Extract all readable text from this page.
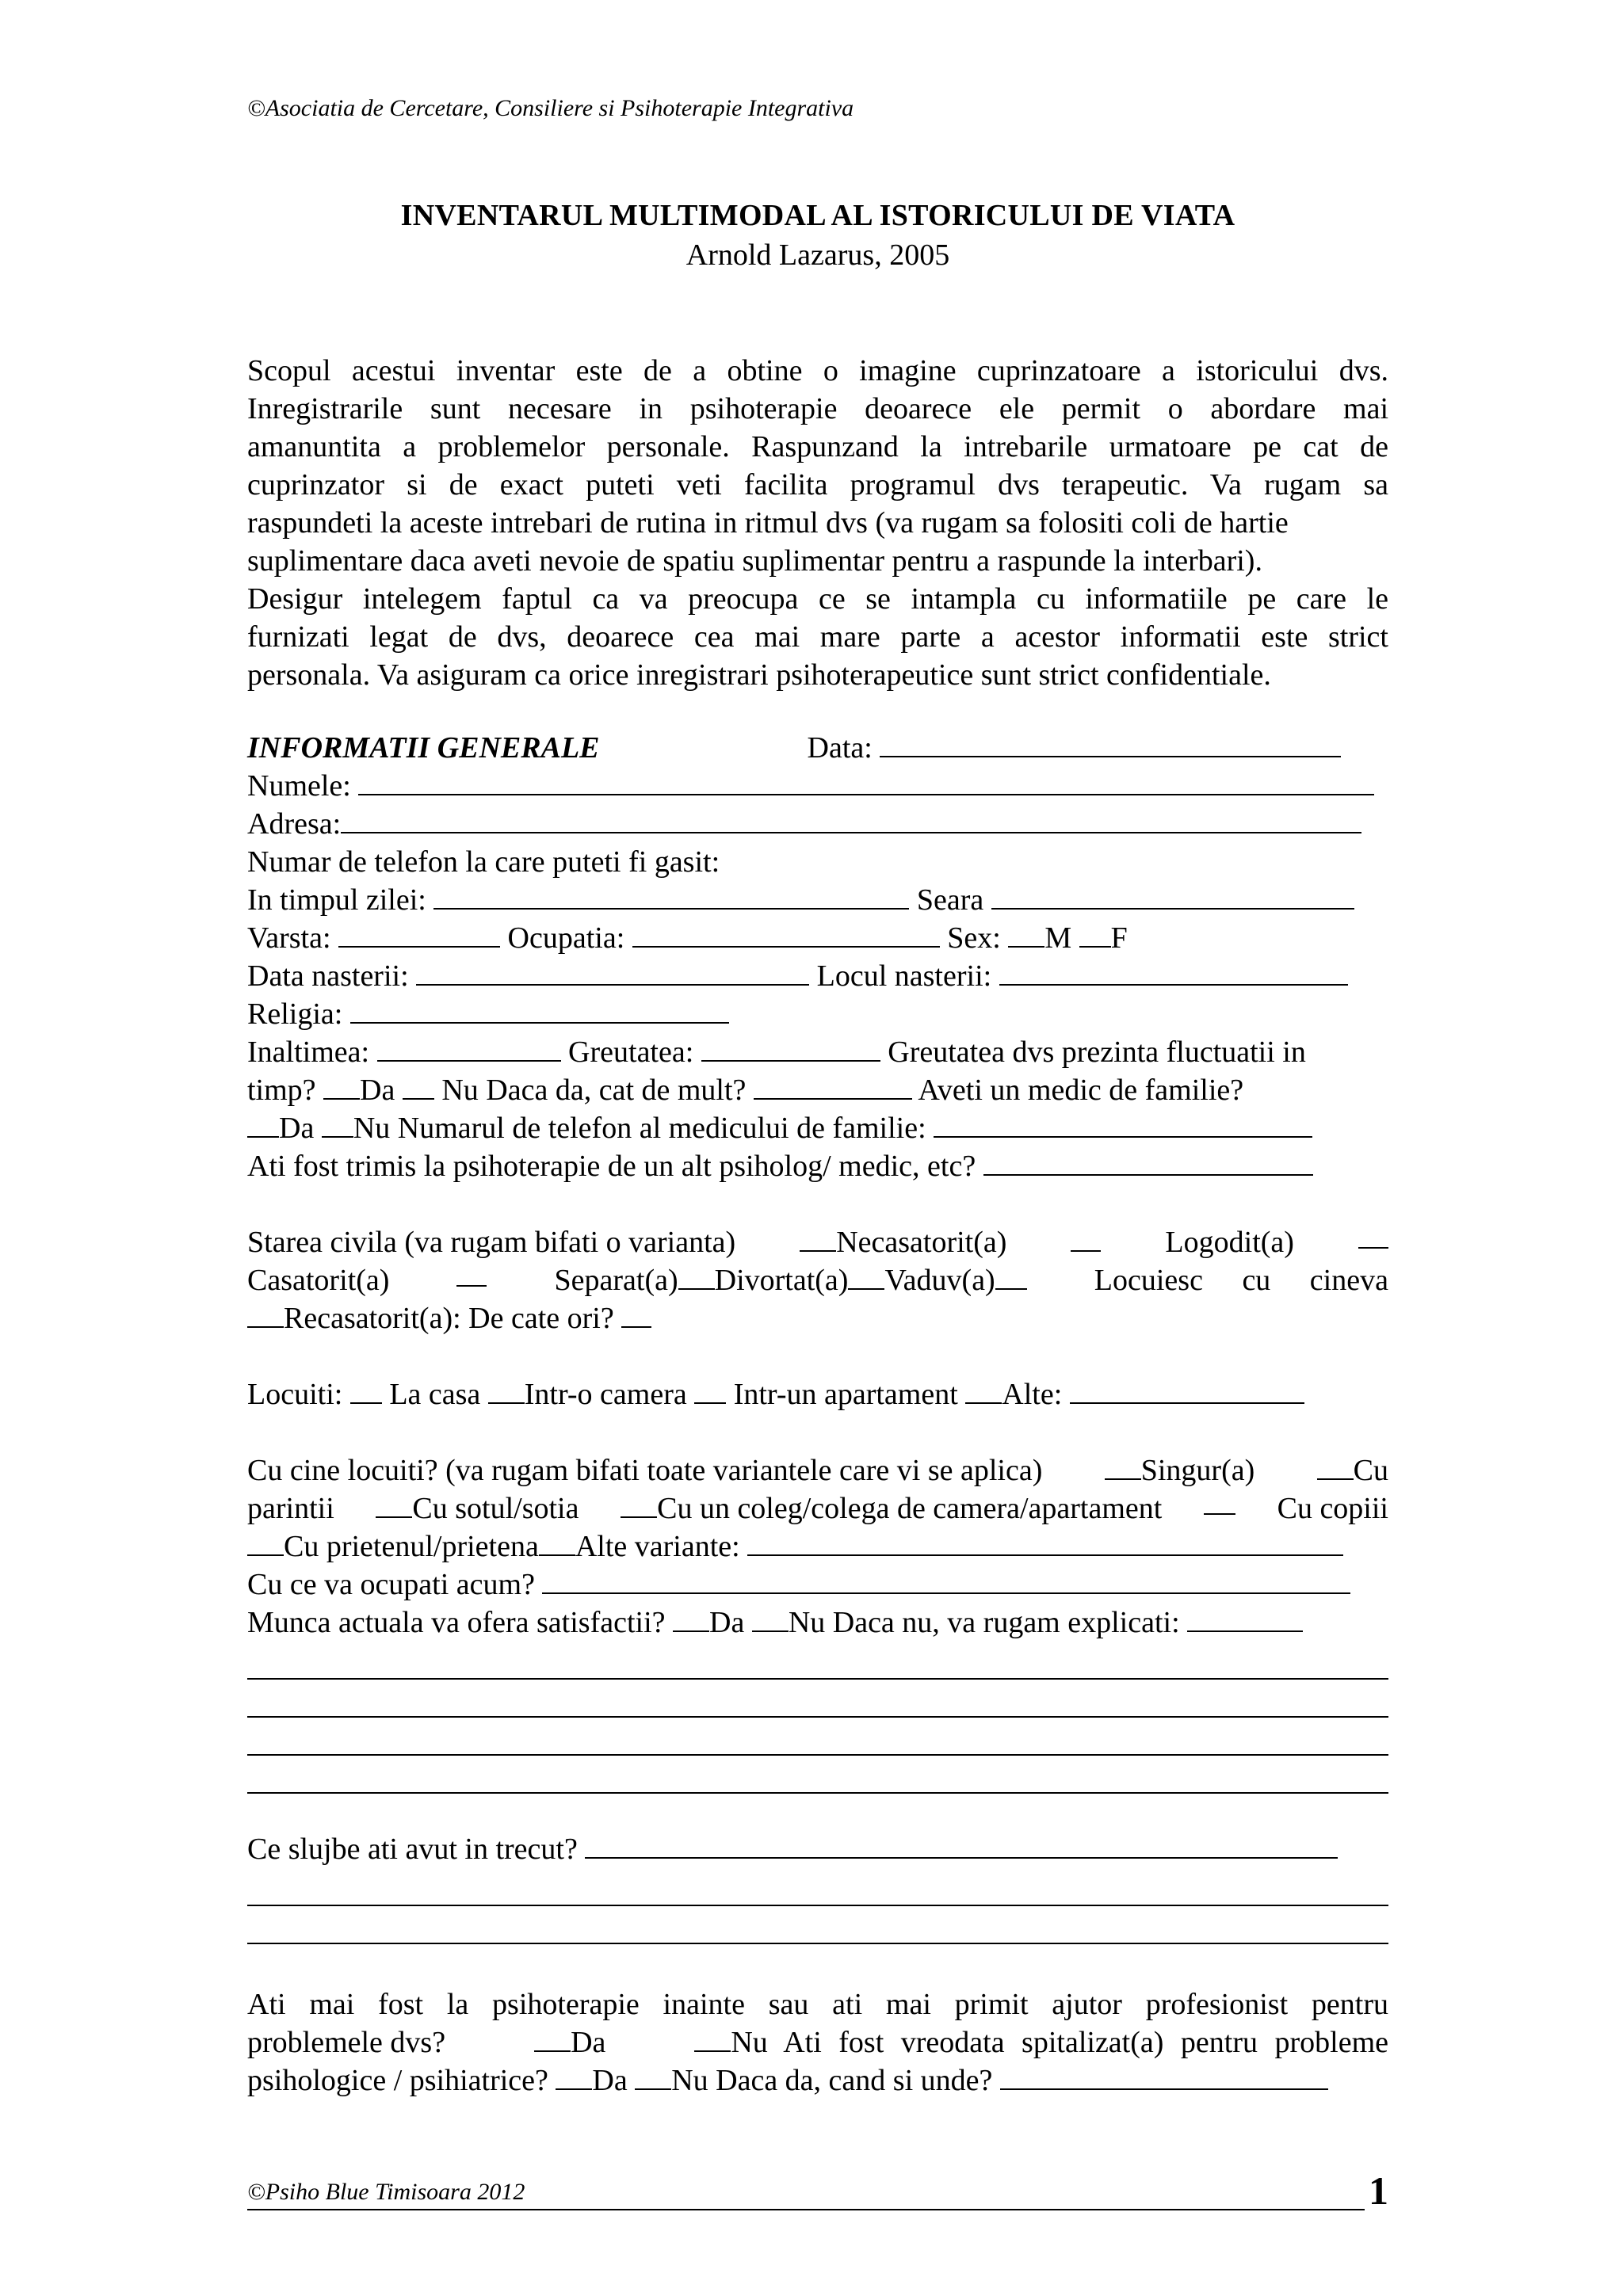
©Asociatia de Cercetare, Consiliere si Psihoterapie Integrativa
INVENTARUL MULTIMODAL AL ISTORICULUI DE VIATA
Arnold Lazarus, 2005
Scopul acestui inventar este de a obtine o imagine cuprinzatoare a istoricului dvs.
Inregistrarile sunt necesare in psihoterapie deoarece ele permit o abordare mai
amanuntita a problemelor personale. Raspunzand la intrebarile urmatoare pe cat de
cuprinzator si de exact puteti veti facilita programul dvs terapeutic. Va rugam sa
raspundeti la aceste intrebari de rutina in ritmul dvs (va rugam sa folositi coli de hartie
suplimentare daca aveti nevoie de spatiu suplimentar pentru a raspunde la interbari).
Desigur intelegem faptul ca va preocupa ce se intampla cu informatiile pe care le
furnizati legat de dvs, deoarece cea mai mare parte a acestor informatii este strict
personala. Va asiguram ca orice inregistrari psihoterapeutice sunt strict confidentiale.
INFORMATII GENERALE	Data:
Numele:
Adresa:
Numar de telefon la care puteti fi gasit:
In timpul zilei:	Seara
Varsta:	Ocupatia:	Sex: M F
Data nasterii:	Locul nasterii:
Religia:
Inaltimea:	Greutatea:	Greutatea dvs prezinta fluctuatii in
timp? Da Nu Daca da, cat de mult?	Aveti un medic de familie?
Da Nu Numarul de telefon al medicului de familie:
Ati fost trimis la psihoterapie de un alt psiholog/ medic, etc?
Starea civila (va rugam bifati o varianta)	Necasatorit(a)	Logodit(a)
Casatorit(a)	Separat(a) Divortat(a) Vaduv(a)	Locuiesc cu cineva
Recasatorit(a): De cate ori?
Locuiti: La casa Intr-o camera Intr-un apartament Alte:
Cu cine locuiti? (va rugam bifati toate variantele care vi se aplica)	Singur(a)	Cu
parintii	Cu sotul/sotia	Cu un coleg/colega de camera/apartament	Cu copiii
Cu prietenul/prietena Alte variante:
Cu ce va ocupati acum?
Munca actuala va ofera satisfactii? Da Nu Daca nu, va rugam explicati:
Ce slujbe ati avut in trecut?
Ati mai fost la psihoterapie inainte sau ati mai primit ajutor profesionist pentru
problemele dvs?	Da	Nu Ati fost vreodata spitalizat(a) pentru probleme
psihologice / psihiatrice? Da Nu Daca da, cand si unde?
©Psiho Blue Timisoara 2012	1
